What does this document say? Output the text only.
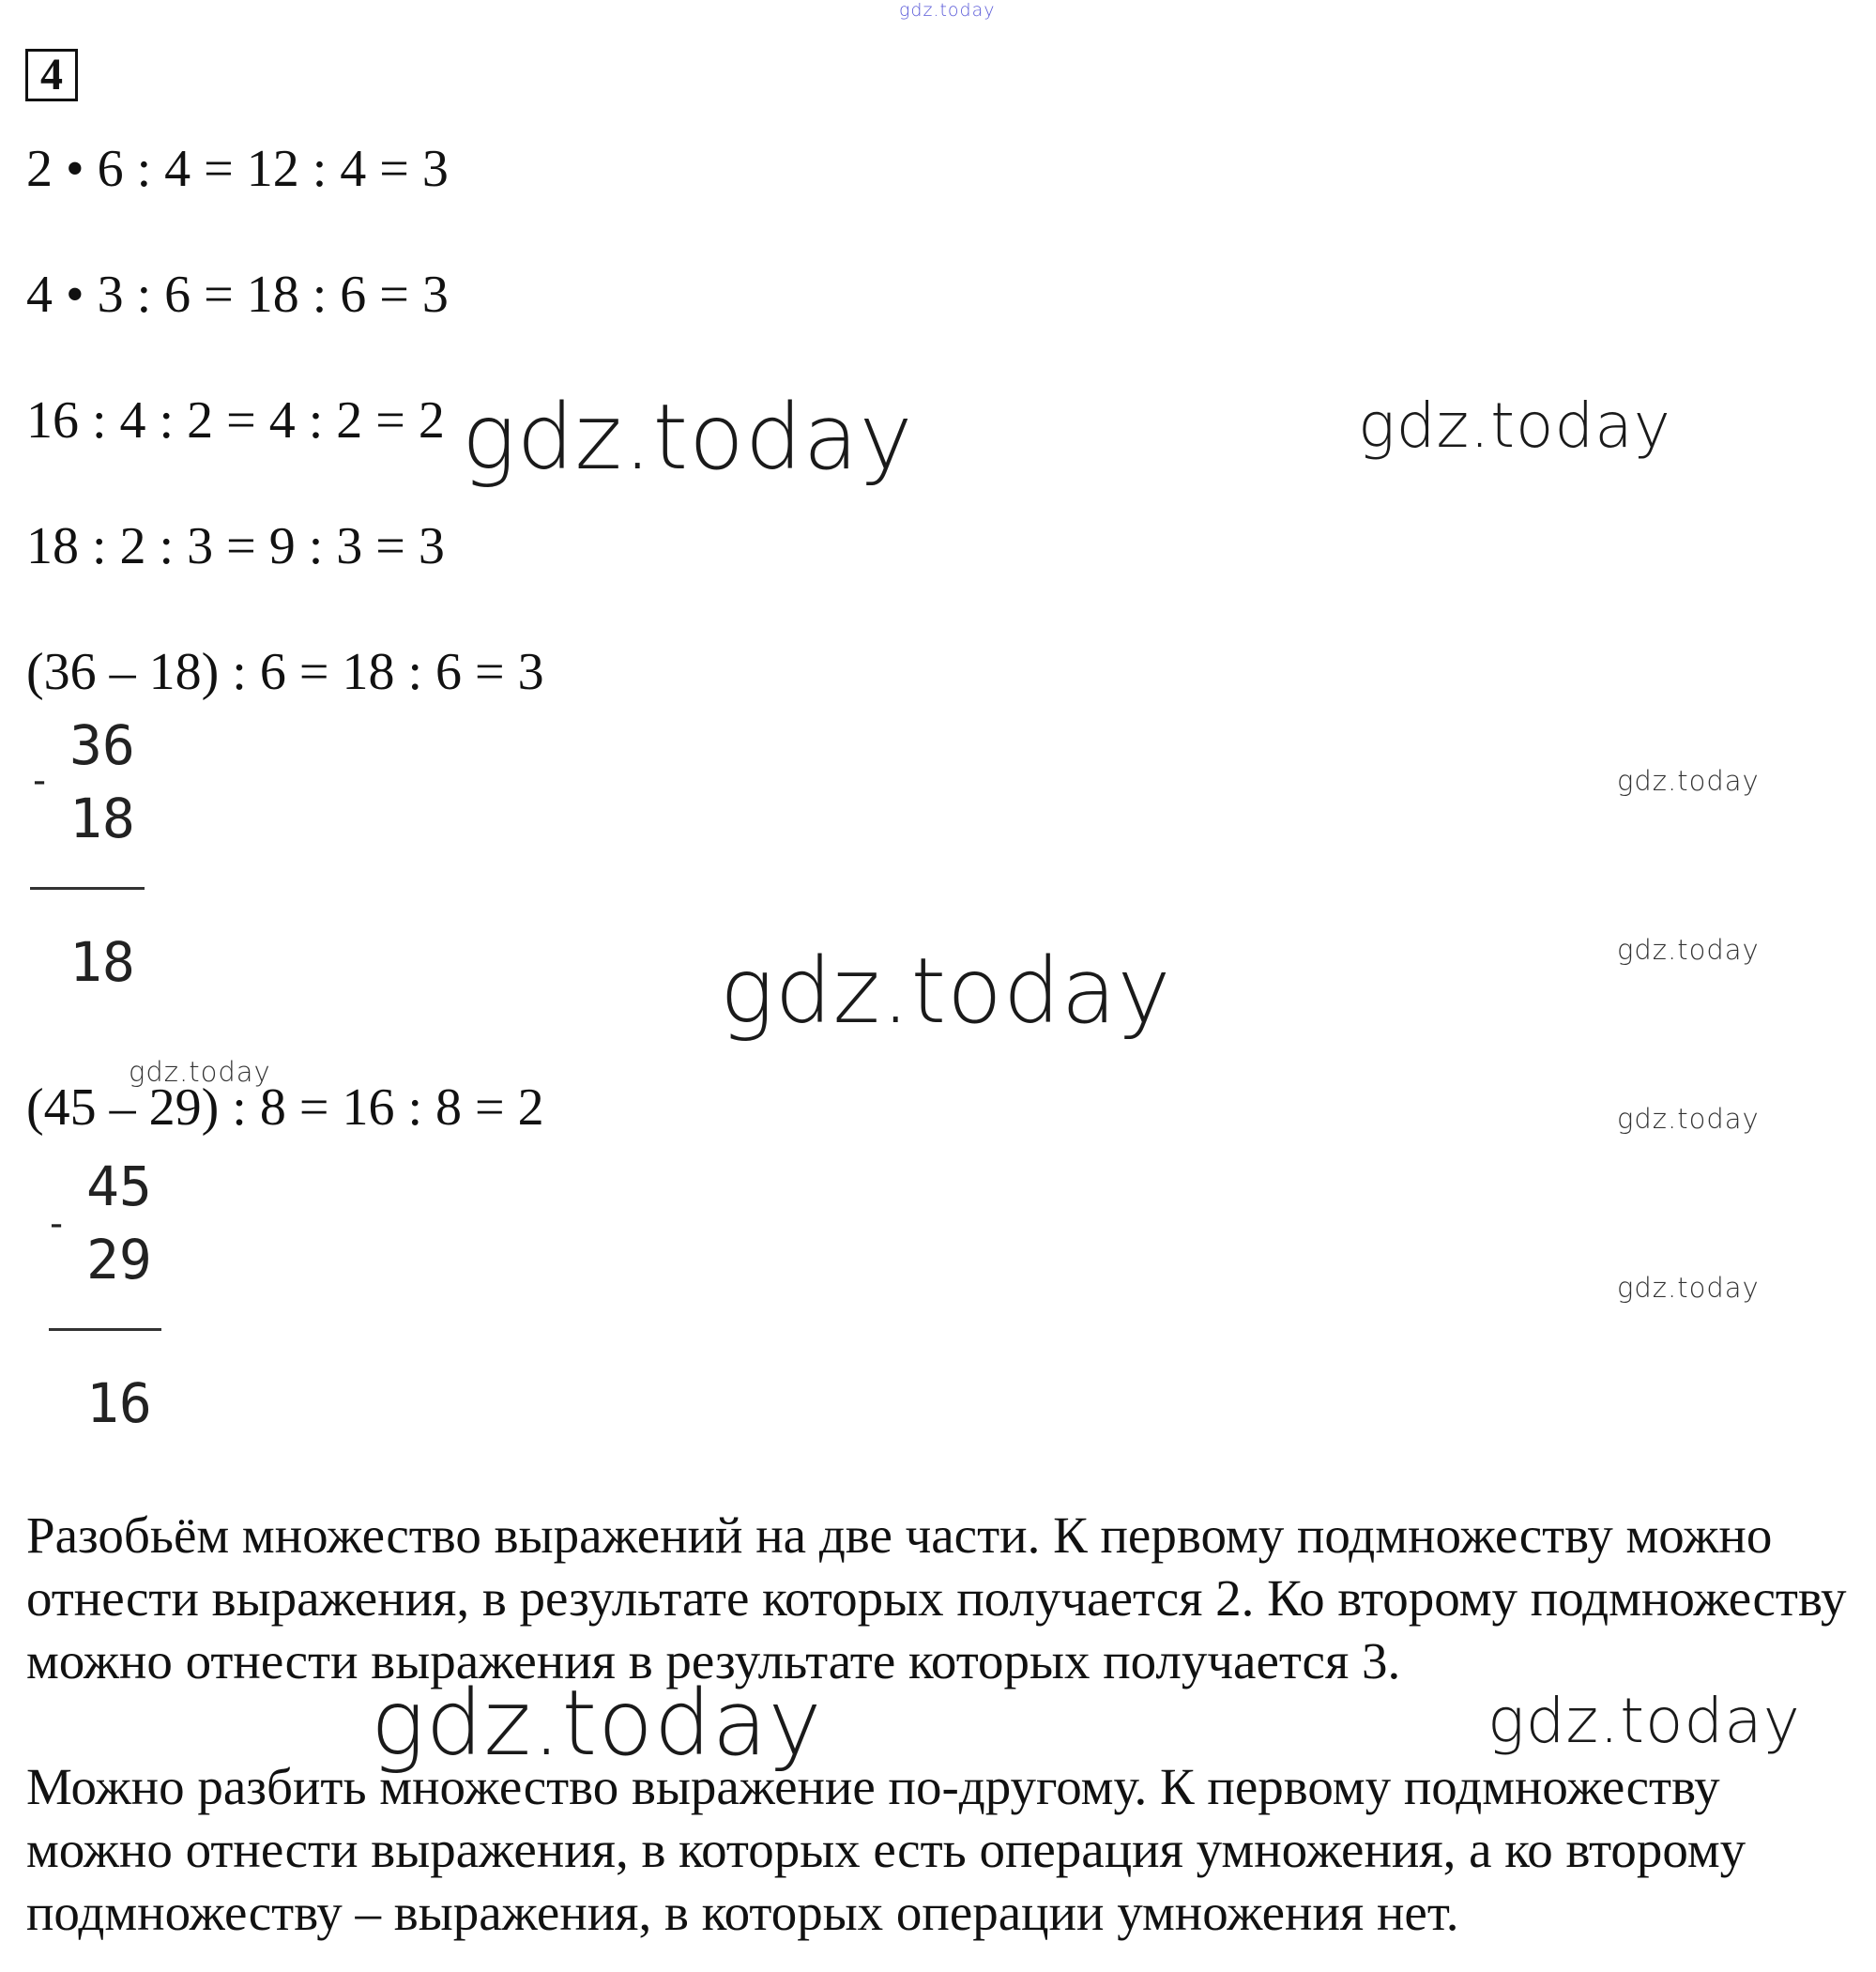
gdz.today
gdz.today	gdz.today
gdz.today
gdz.today
gdz.today
gdz.today
gdz.today
gdz.today
gdz.today	gdz.today
4
2 • 6 : 4 = 12 : 4 = 3
4 • 3 : 6 = 18 : 6 = 3
16 : 4 : 2 = 4 : 2 = 2
18 : 2 : 3 = 9 : 3 = 3
(36 – 18) : 6 = 18 : 6 = 3
-
36
18
18
(45 – 29) : 8 = 16 : 8 = 2
-
45
29
16
Разобьём множество выражений на две части. К первому подмножеству можно отнести выражения, в результате которых получается 2. Ко второму подмножеству можно отнести выражения в результате которых получается 3.
Можно разбить множество выражение по-другому. К первому подмножеству можно отнести выражения, в которых есть операция умножения, а ко второму подмножеству – выражения, в которых операции умножения нет.
